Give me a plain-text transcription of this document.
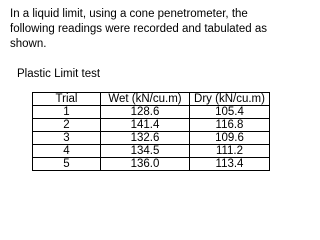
In a liquid limit, using a cone penetrometer, the
following readings were recorded and tabulated as
shown.
Plastic Limit test
Trial	Wet (kN/cu.m)	Dry (kN/cu.m)
1	128.6	105.4
2	141.4	116.8
3	132.6	109.6
4	134.5	111.2
5	136.0	113.4
